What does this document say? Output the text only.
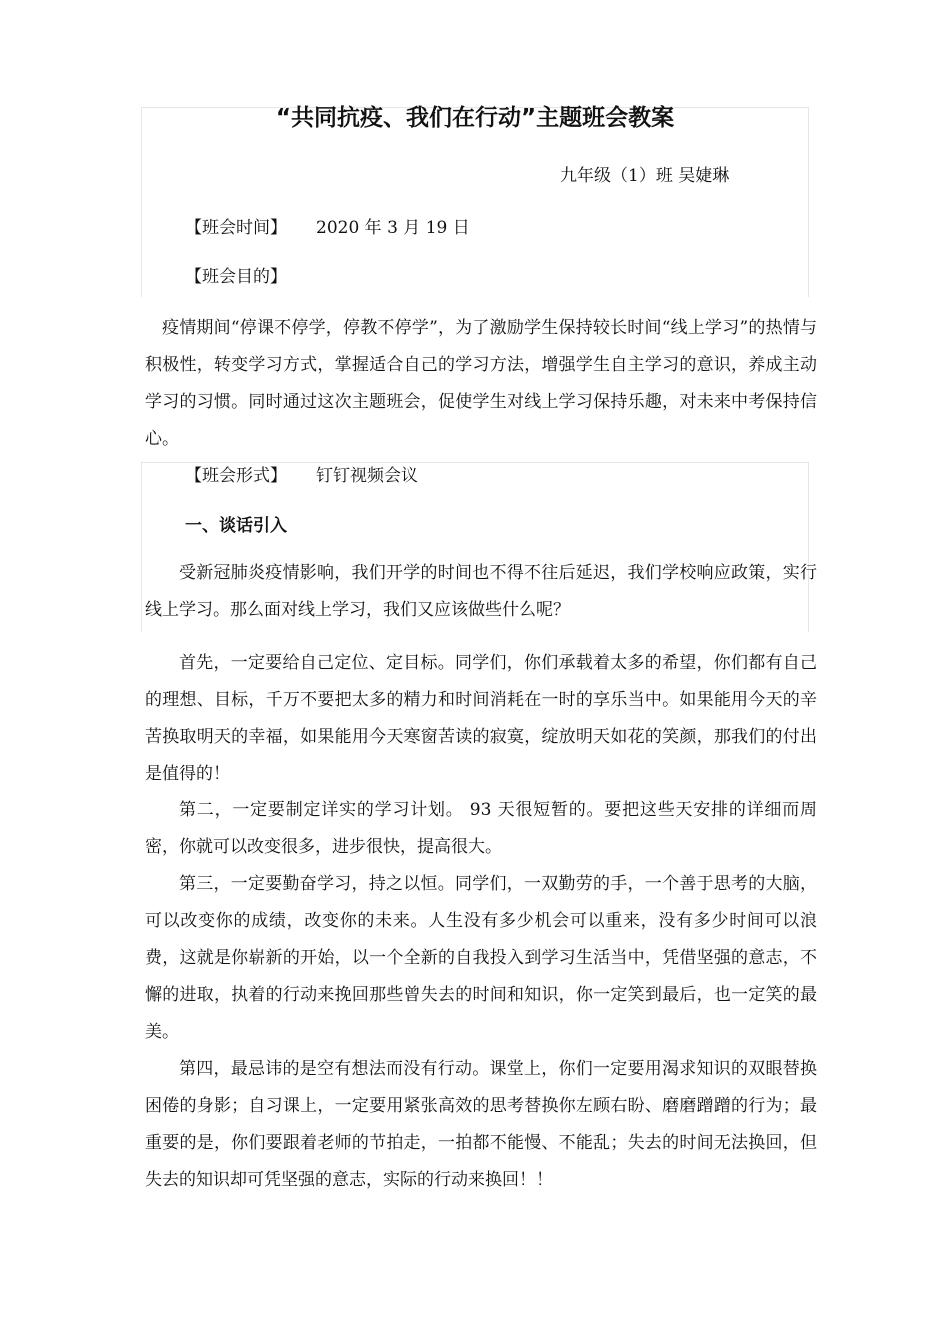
“共同抗疫、我们在行动”主题班会教案

九年级（1）班 吴婕琳

【班会时间】 2020 年 3 月 19 日

【班会目的】

疫情期间“停课不停学，停教不停学”，为了激励学生保持较长时间“线上学习”的热情与积极性，转变学习方式，掌握适合自己的学习方法，增强学生自主学习的意识，养成主动学习的习惯。同时通过这次主题班会，促使学生对线上学习保持乐趣，对未来中考保持信心。

【班会形式】 钉钉视频会议

一、谈话引入

受新冠肺炎疫情影响，我们开学的时间也不得不往后延迟，我们学校响应政策，实行线上学习。那么面对线上学习，我们又应该做些什么呢？

首先，一定要给自己定位、定目标。同学们，你们承载着太多的希望，你们都有自己的理想、目标，千万不要把太多的精力和时间消耗在一时的享乐当中。如果能用今天的辛苦换取明天的幸福，如果能用今天寒窗苦读的寂寞，绽放明天如花的笑颜，那我们的付出是值得的！

第二，一定要制定详实的学习计划。 93 天很短暂的。要把这些天安排的详细而周密，你就可以改变很多，进步很快，提高很大。

第三，一定要勤奋学习，持之以恒。同学们，一双勤劳的手，一个善于思考的大脑，可以改变你的成绩，改变你的未来。人生没有多少机会可以重来，没有多少时间可以浪费，这就是你崭新的开始，以一个全新的自我投入到学习生活当中，凭借坚强的意志，不懈的进取，执着的行动来挽回那些曾失去的时间和知识，你一定笑到最后，也一定笑的最美。

第四，最忌讳的是空有想法而没有行动。课堂上，你们一定要用渴求知识的双眼替换困倦的身影；自习课上，一定要用紧张高效的思考替换你左顾右盼、磨磨蹭蹭的行为；最重要的是，你们要跟着老师的节拍走，一拍都不能慢、不能乱；失去的时间无法换回，但失去的知识却可凭坚强的意志，实际的行动来换回！！
